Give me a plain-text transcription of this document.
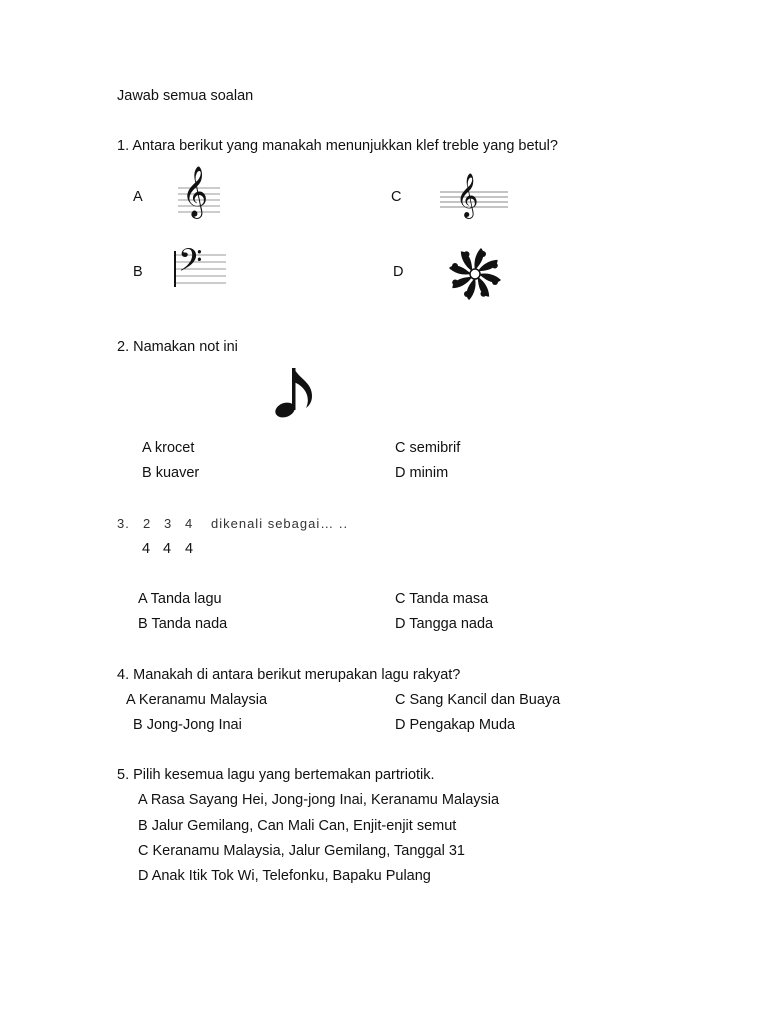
Jawab semua soalan
1. Antara berikut yang manakah menunjukkan klef treble yang betul?
A 𝄞	C 𝄞
B 𝄢	D
2. Namakan not ini
A krocet	C semibrif
B kuaver	D minim
3. 2 3 4 dikenali sebagai… ..
4 4 4
A Tanda lagu	C Tanda masa
B Tanda nada	D Tangga nada
4. Manakah di antara berikut merupakan lagu rakyat?
A Keranamu Malaysia	C Sang Kancil dan Buaya
B Jong-Jong Inai	D Pengakap Muda
5. Pilih kesemua lagu yang bertemakan partriotik.
A Rasa Sayang Hei, Jong-jong Inai, Keranamu Malaysia
B Jalur Gemilang, Can Mali Can, Enjit-enjit semut
C Keranamu Malaysia, Jalur Gemilang, Tanggal 31
D Anak Itik Tok Wi, Telefonku, Bapaku Pulang
